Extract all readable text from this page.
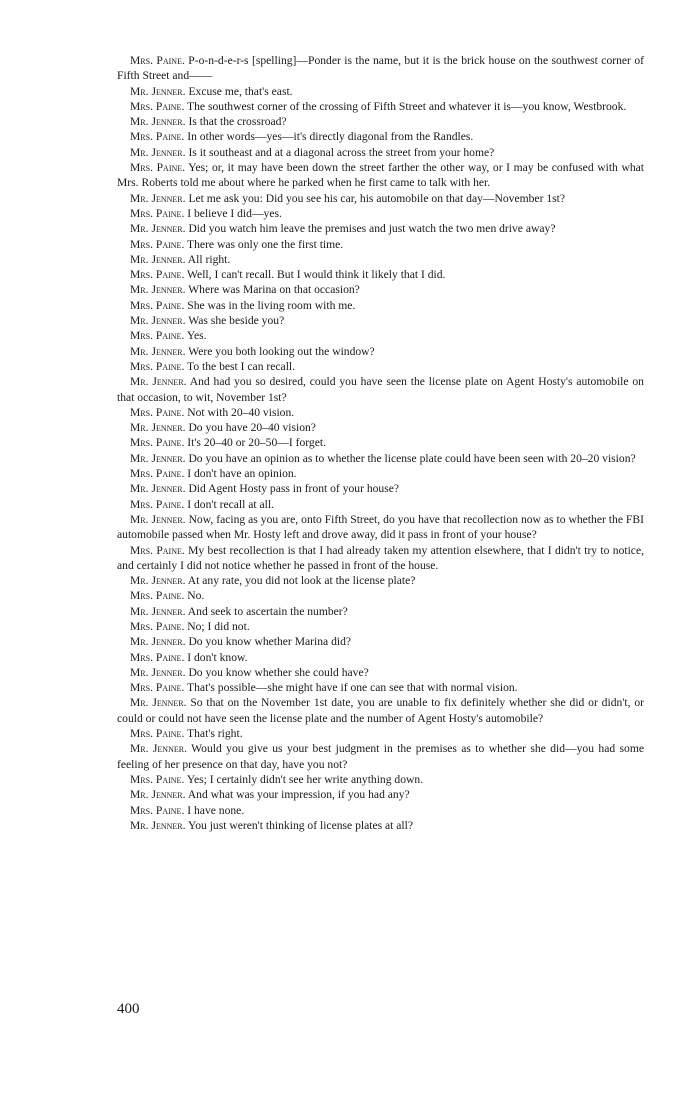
Mrs. Paine. P-o-n-d-e-r-s [spelling]—Ponder is the name, but it is the brick house on the southwest corner of Fifth Street and——

Mr. Jenner. Excuse me, that's east.

Mrs. Paine. The southwest corner of the crossing of Fifth Street and whatever it is—you know, Westbrook.

Mr. Jenner. Is that the crossroad?

Mrs. Paine. In other words—yes—it's directly diagonal from the Randles.

Mr. Jenner. Is it southeast and at a diagonal across the street from your home?

Mrs. Paine. Yes; or, it may have been down the street farther the other way, or I may be confused with what Mrs. Roberts told me about where he parked when he first came to talk with her.

Mr. Jenner. Let me ask you: Did you see his car, his automobile on that day—November 1st?

Mrs. Paine. I believe I did—yes.

Mr. Jenner. Did you watch him leave the premises and just watch the two men drive away?

Mrs. Paine. There was only one the first time.

Mr. Jenner. All right.

Mrs. Paine. Well, I can't recall. But I would think it likely that I did.

Mr. Jenner. Where was Marina on that occasion?

Mrs. Paine. She was in the living room with me.

Mr. Jenner. Was she beside you?

Mrs. Paine. Yes.

Mr. Jenner. Were you both looking out the window?

Mrs. Paine. To the best I can recall.

Mr. Jenner. And had you so desired, could you have seen the license plate on Agent Hosty's automobile on that occasion, to wit, November 1st?

Mrs. Paine. Not with 20–40 vision.

Mr. Jenner. Do you have 20–40 vision?

Mrs. Paine. It's 20–40 or 20–50—I forget.

Mr. Jenner. Do you have an opinion as to whether the license plate could have been seen with 20–20 vision?

Mrs. Paine. I don't have an opinion.

Mr. Jenner. Did Agent Hosty pass in front of your house?

Mrs. Paine. I don't recall at all.

Mr. Jenner. Now, facing as you are, onto Fifth Street, do you have that recollection now as to whether the FBI automobile passed when Mr. Hosty left and drove away, did it pass in front of your house?

Mrs. Paine. My best recollection is that I had already taken my attention elsewhere, that I didn't try to notice, and certainly I did not notice whether he passed in front of the house.

Mr. Jenner. At any rate, you did not look at the license plate?

Mrs. Paine. No.

Mr. Jenner. And seek to ascertain the number?

Mrs. Paine. No; I did not.

Mr. Jenner. Do you know whether Marina did?

Mrs. Paine. I don't know.

Mr. Jenner. Do you know whether she could have?

Mrs. Paine. That's possible—she might have if one can see that with normal vision.

Mr. Jenner. So that on the November 1st date, you are unable to fix definitely whether she did or didn't, or could or could not have seen the license plate and the number of Agent Hosty's automobile?

Mrs. Paine. That's right.

Mr. Jenner. Would you give us your best judgment in the premises as to whether she did—you had some feeling of her presence on that day, have you not?

Mrs. Paine. Yes; I certainly didn't see her write anything down.

Mr. Jenner. And what was your impression, if you had any?

Mrs. Paine. I have none.

Mr. Jenner. You just weren't thinking of license plates at all?

400
